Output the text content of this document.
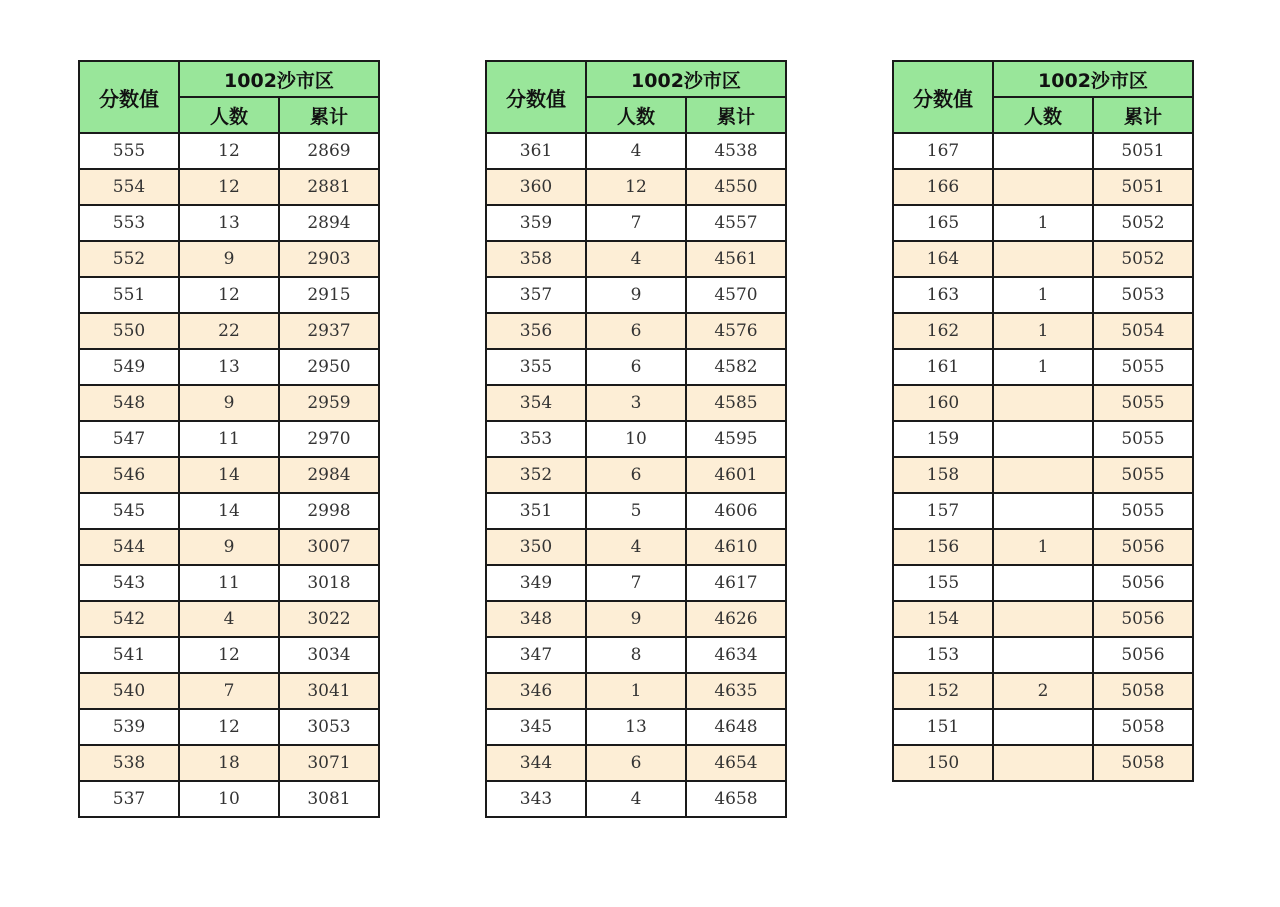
分数值	1002沙市区	
	人数	累计
555	12	2869
554	12	2881
553	13	2894
552	9	2903
551	12	2915
550	22	2937
549	13	2950
548	9	2959
547	11	2970
546	14	2984
545	14	2998
544	9	3007
543	11	3018
542	4	3022
541	12	3034
540	7	3041
539	12	3053
538	18	3071
537	10	3081
分数值	1002沙市区	
	人数	累计
361	4	4538
360	12	4550
359	7	4557
358	4	4561
357	9	4570
356	6	4576
355	6	4582
354	3	4585
353	10	4595
352	6	4601
351	5	4606
350	4	4610
349	7	4617
348	9	4626
347	8	4634
346	1	4635
345	13	4648
344	6	4654
343	4	4658
分数值	1002沙市区	
	人数	累计
167		5051
166		5051
165	1	5052
164		5052
163	1	5053
162	1	5054
161	1	5055
160		5055
159		5055
158		5055
157		5055
156	1	5056
155		5056
154		5056
153		5056
152	2	5058
151		5058
150		5058
